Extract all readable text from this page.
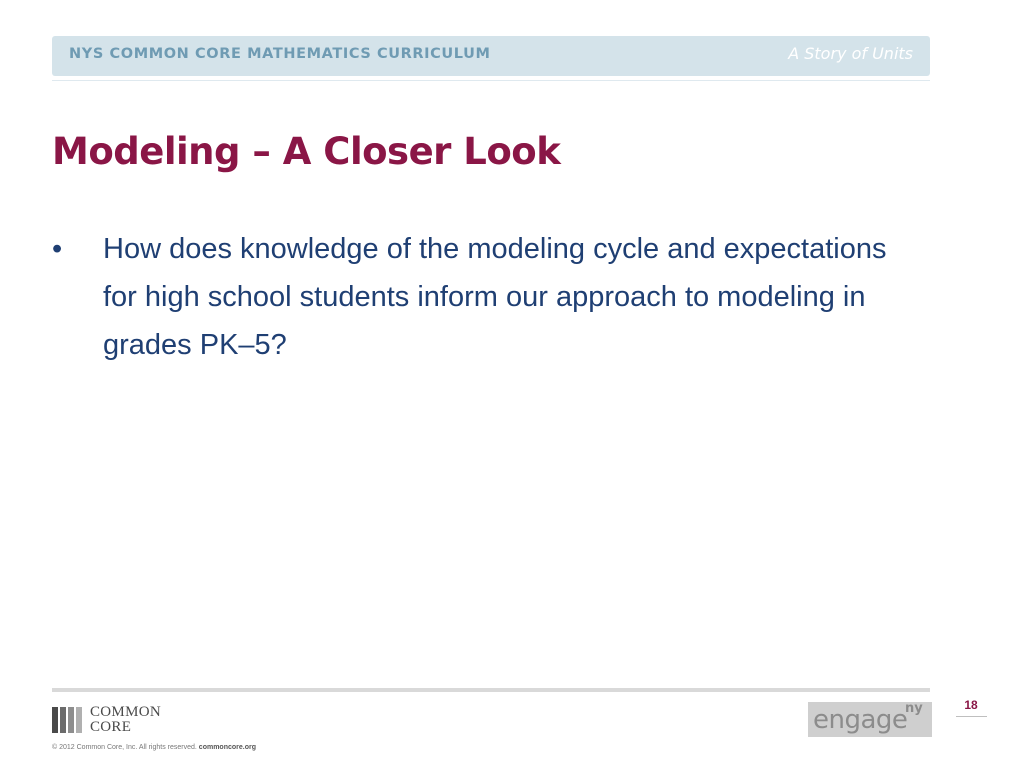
NYS COMMON CORE MATHEMATICS CURRICULUM	A Story of Units
Modeling – A Closer Look
• How does knowledge of the modeling cycle and expectations for high school students inform our approach to modeling in grades PK–5?
COMMON CORE
© 2012 Common Core, Inc. All rights reserved. commoncore.org
engage
ny	18
